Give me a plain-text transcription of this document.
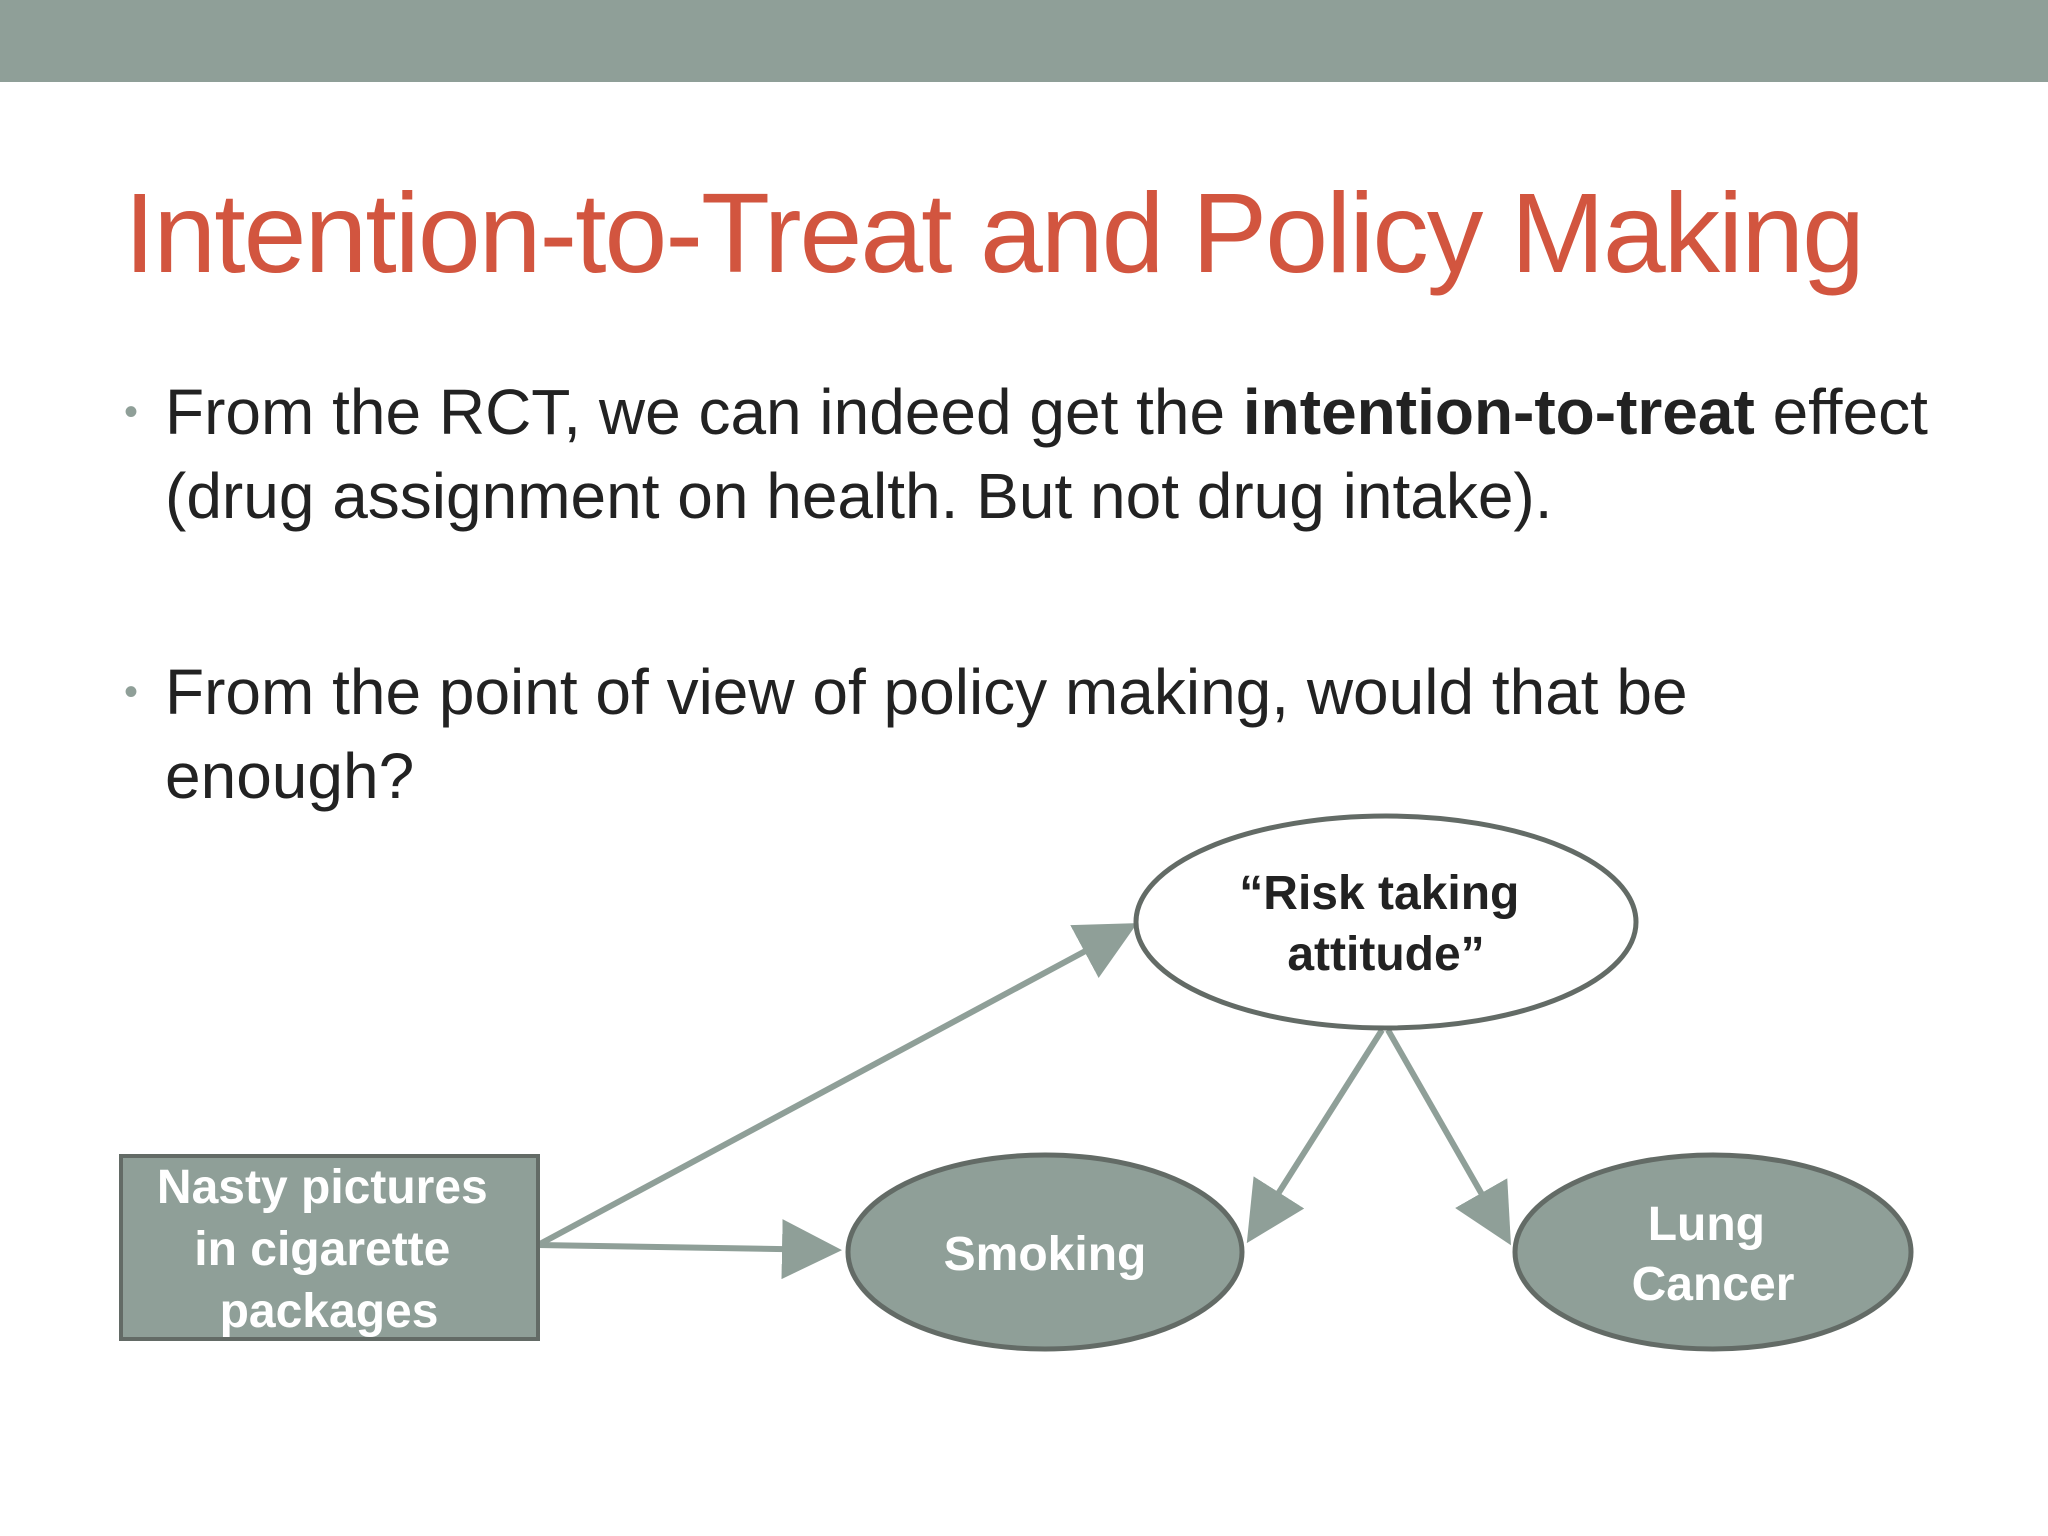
Intention-to-Treat and Policy Making
• From the RCT, we can indeed get the intention-to-treat effect (drug assignment on health. But not drug intake).
• From the point of view of policy making, would that be enough?
Nasty pictures in cigarette packages
“Risk taking attitude”
Smoking
Lung Cancer
